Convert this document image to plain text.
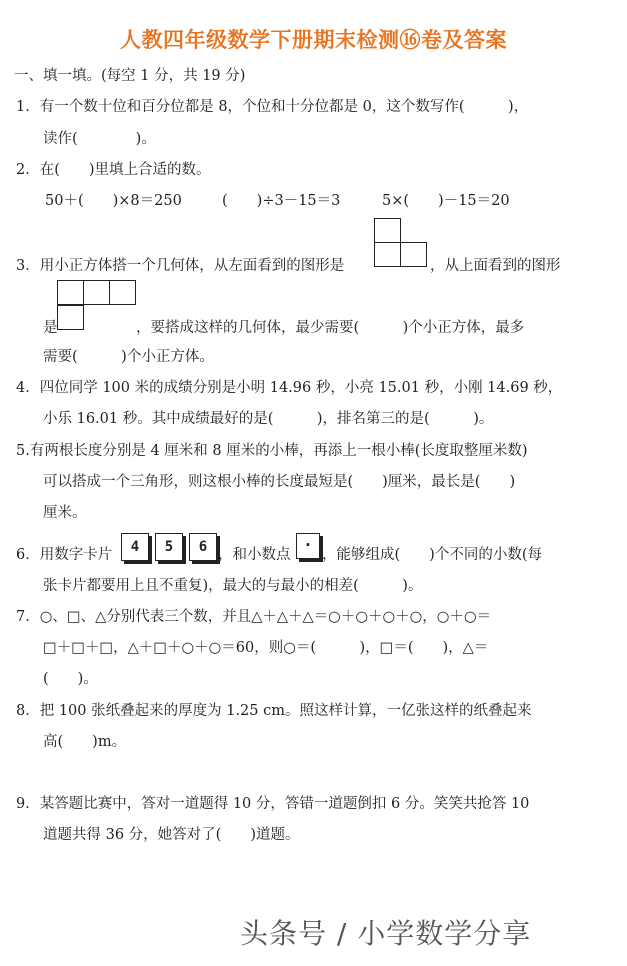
人教四年级数学下册期末检测⑯卷及答案
一、填一填。(每空 1 分，共 19 分)
1．有一个数十位和百分位都是 8，个位和十分位都是 0，这个数写作(　　　)，
读作(　　　　)。
2．在(　　)里填上合适的数。
50＋(　　)×8＝250	(　　)÷3－15＝3	5×(　　)－15＝20
3．用小正方体搭一个几何体，从左面看到的图形是	，从上面看到的图形
是	，要搭成这样的几何体，最少需要(　　　)个小正方体，最多
需要(　　　)个小正方体。
4．四位同学 100 米的成绩分别是小明 14.96 秒，小亮 15.01 秒，小刚 14.69 秒，
小乐 16.01 秒。其中成绩最好的是(　　　)，排名第三的是(　　　)。
5.有两根长度分别是 4 厘米和 8 厘米的小棒，再添上一根小棒(长度取整厘米数)
可以搭成一个三角形，则这根小棒的长度最短是(　　)厘米，最长是(　　)
厘米。
6．用数字卡片	4	5	6 ，和小数点
·
，能够组成(　　)个不同的小数(每
张卡片都要用上且不重复)，最大的与最小的相差(　　　)。
7．○、□、△分别代表三个数，并且△＋△＋△＝○＋○＋○＋○，○＋○＝
□＋□＋□，△＋□＋○＋○＝60，则○＝(　　　)，□＝(　　)，△＝
(　　)。
8．把 100 张纸叠起来的厚度为 1.25 cm。照这样计算，一亿张这样的纸叠起来
高(　　)m。
9．某答题比赛中，答对一道题得 10 分，答错一道题倒扣 6 分。笑笑共抢答 10
道题共得 36 分，她答对了(　　)道题。
头条号 / 小学数学分享
